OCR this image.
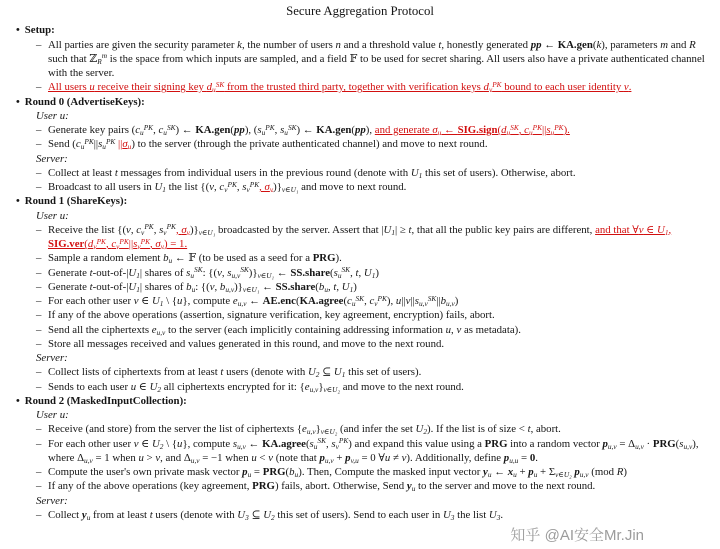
Secure Aggregation Protocol
• Setup:
– All parties are given the security parameter k, the number of users n and a threshold value t, honestly generated pp ← KA.gen(k), parameters m and R such that ℤ$_R^m$ is the space from which inputs are sampled, and a field 𝔽 to be used for secret sharing. All users also have a private authenticated channel with the server.
– All users u receive their signing key $d_u^{SK}$ from the trusted third party, together with verification keys $d_v^{PK}$ bound to each user identity v.
• Round 0 (AdvertiseKeys):
User u:
– Generate key pairs ($c_u^{PK}$, $c_u^{SK}$) ← KA.gen(pp), ($s_u^{PK}$, $s_u^{SK}$) ← KA.gen(pp), and generate $\sigma_u$ ← $SIG.sign(d_u^{SK}$, $c_u^{PK}||s_u^{PK}$).
– Send ($c_u^{PK}||s_u^{PK}$ $||\sigma_u$) to the server (through the private authenticated channel) and move to next round.
Server:
– Collect at least t messages from individual users in the previous round (denote with $U_1$ this set of users). Otherwise, abort.
– Broadcast to all users in $U_1$ the list {(v, $c_v^{PK}$, $s_v^{PK}$, $\sigma_v)\}_{v\in U_1}$ and move to next round.
• Round 1 (ShareKeys):
User u:
– Receive the list {(v, $c_v^{PK}$, $s_v^{PK}$, $\sigma_v)\}_{v\in U_1}$ broadcasted by the server. Assert that $|U_1| \ge t$, that all the public key pairs are different, and that ∀v ∈ $U_1$, $SIG.ver(d_v^{PK}$, $c_v^{PK}||s_v^{PK}$, $\sigma_v) = 1$.
– Sample a random element $b_u$ ← 𝔽 (to be used as a seed for a PRG).
– Generate $t-out-of-|U_1|$ shares of $s_u^{SK}$: {(v, $s_{u,v}^{SK})\}_{v\in U_1}$ ← $SS.share(s_u^{SK}$, t, $U_1$)
– Generate $t-out-of-|U_1|$ shares of $b_u$: {(v, $b_{u,v})\}_{v\in U_1}$ ← $SS.share(b_u$, t, $U_1$)
– For each other user v ∈ $U_1$ \ {u}, compute $e_{u,v}$ ← $AE.enc(KA.agree(c_u^{SK}$, $c_v^{PK}$), $u||v||s_{u,v}^{SK}||b_{u,v}$)
– If any of the above operations (assertion, signature verification, key agreement, encryption) fails, abort.
– Send all the ciphertexts $e_{u,v}$ to the server (each implicitly containing addressing information u, v as metadata).
– Store all messages received and values generated in this round, and move to the next round.
Server:
– Collect lists of ciphertexts from at least t users (denote with $U_2$ ⊆ $U_1$ this set of users).
– Sends to each user u ∈ $U_2$ all ciphertexts encrypted for it: $\{e_{u,v}\}_{v\in U_2}$ and move to the next round.
• Round 2 (MaskedInputCollection):
User u:
– Receive (and store) from the server the list of ciphertexts $\{e_{u,v}\}_{v\in U_2}$ (and infer the set $U_2$). If the list is of size < t, abort.
– For each other user v ∈ $U_2$ \ {u}, compute $s_{u,v}$ ← $KA.agree(s_u^{SK}$, $s_v^{PK}$) and expand this value using a PRG into a random vector $p_{u,v} = \Delta_{u,v} \cdot PRG(s_{u,v})$, where $\Delta_{u,v} = 1$ when u > v, and $\Delta_{u,v} = -1$ when u < v (note that $p_{u,v} + p_{v,u} = 0$ ∀u ≠ v). Additionally, define $p_{u,u} = 0$.
– Compute the user's own private mask vector $p_u = PRG(b_u)$. Then, Compute the masked input vector $y_u$ ← $x_u + p_u + \Sigma_{v\in U_2}$ $p_{u,v}$ (mod R)
– If any of the above operations (key agreement, PRG) fails, abort. Otherwise, Send $y_u$ to the server and move to the next round.
Server:
– Collect $y_u$ from at least t users (denote with $U_3$ ⊆ $U_2$ this set of users). Send to each user in $U_3$ the list $U_3$.
知乎 @AI安全Mr.Jin
